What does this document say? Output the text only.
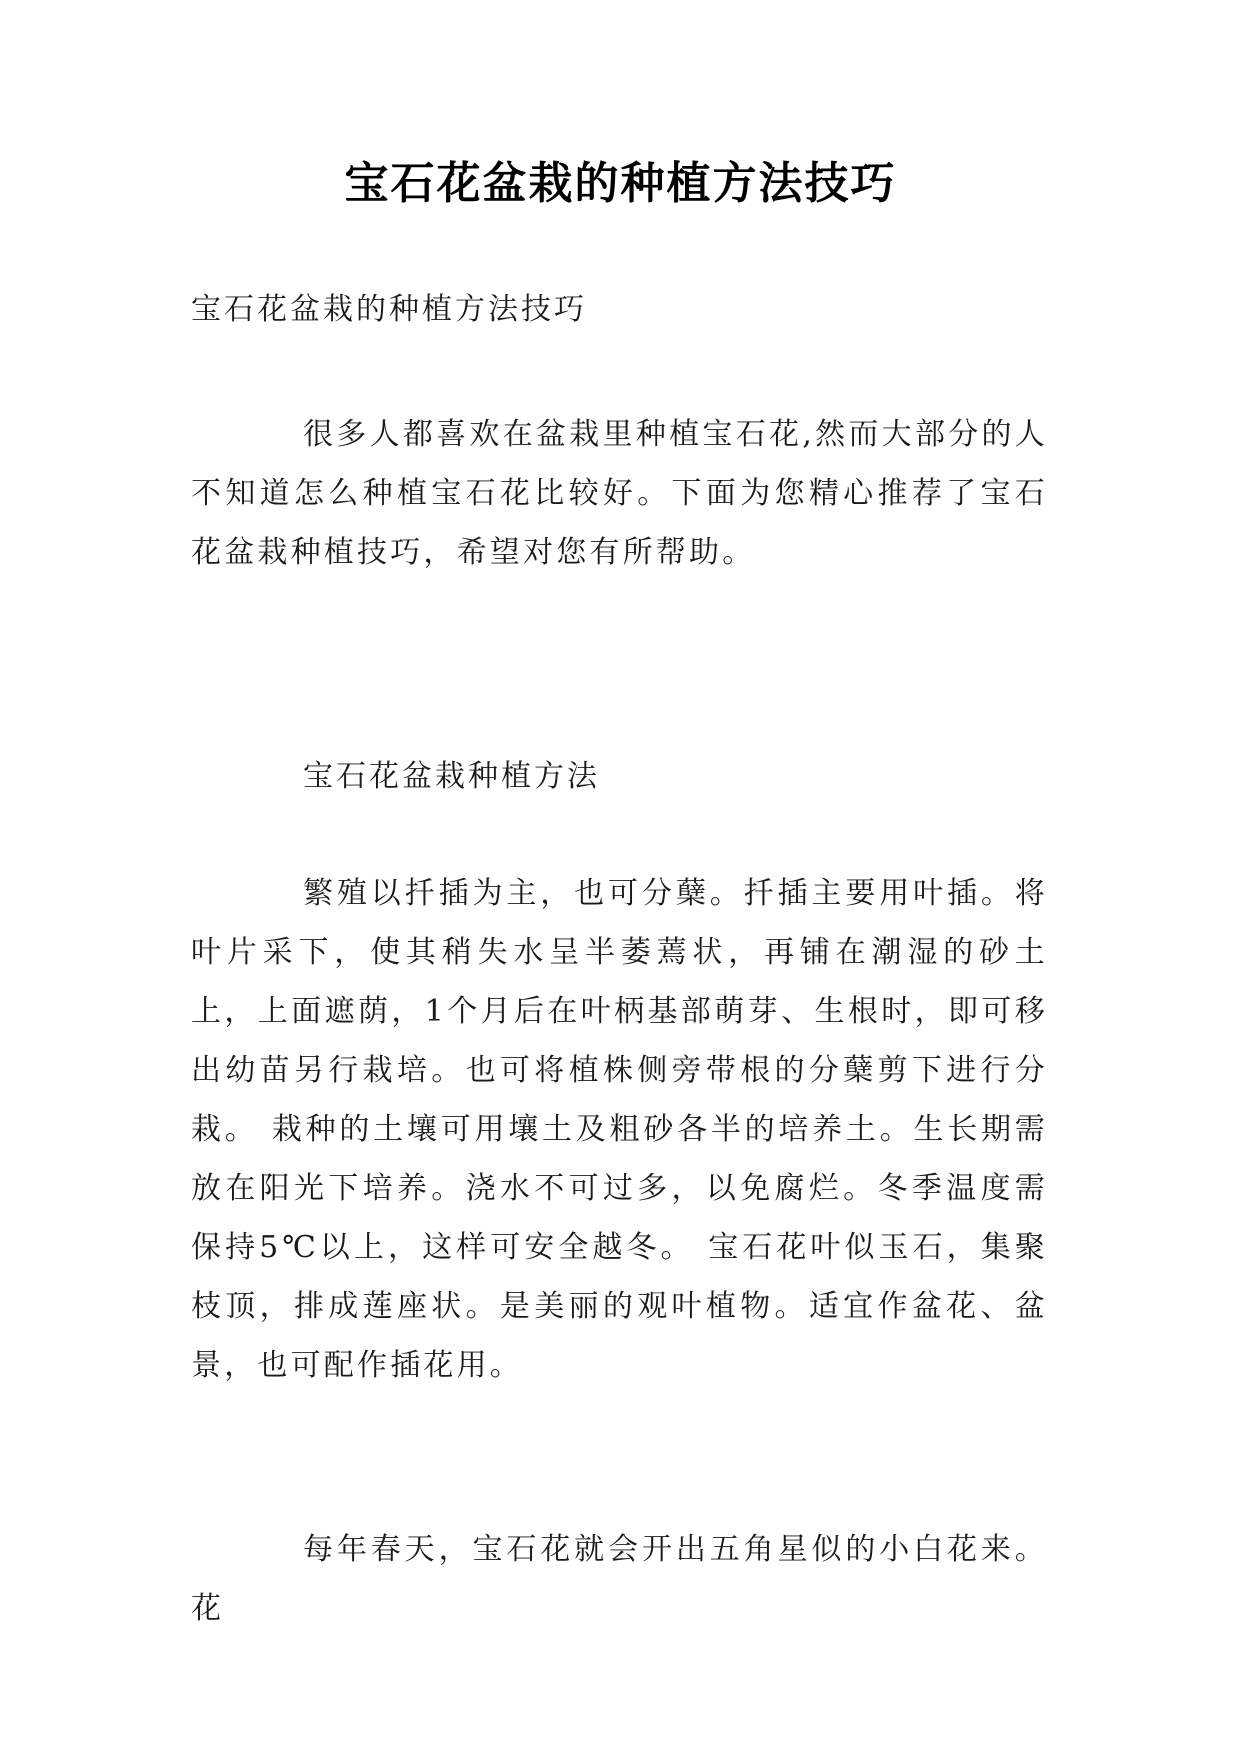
宝石花盆栽的种植方法技巧
宝石花盆栽的种植方法技巧

很多人都喜欢在盆栽里种植宝石花,然而大部分的人不知道怎么种植宝石花比较好。下面为您精心推荐了宝石花盆栽种植技巧，希望对您有所帮助。

宝石花盆栽种植方法

繁殖以扦插为主，也可分蘖。扦插主要用叶插。将叶片采下，使其稍失水呈半萎蔫状，再铺在潮湿的砂土上，上面遮荫，1个月后在叶柄基部萌芽、生根时，即可移出幼苗另行栽培。也可将植株侧旁带根的分蘖剪下进行分栽。 栽种的土壤可用壤土及粗砂各半的培养土。生长期需放在阳光下培养。浇水不可过多，以免腐烂。冬季温度需保持5℃以上，这样可安全越冬。 宝石花叶似玉石，集聚枝顶，排成莲座状。是美丽的观叶植物。适宜作盆花、盆景，也可配作插花用。

每年春天，宝石花就会开出五角星似的小白花来。花
